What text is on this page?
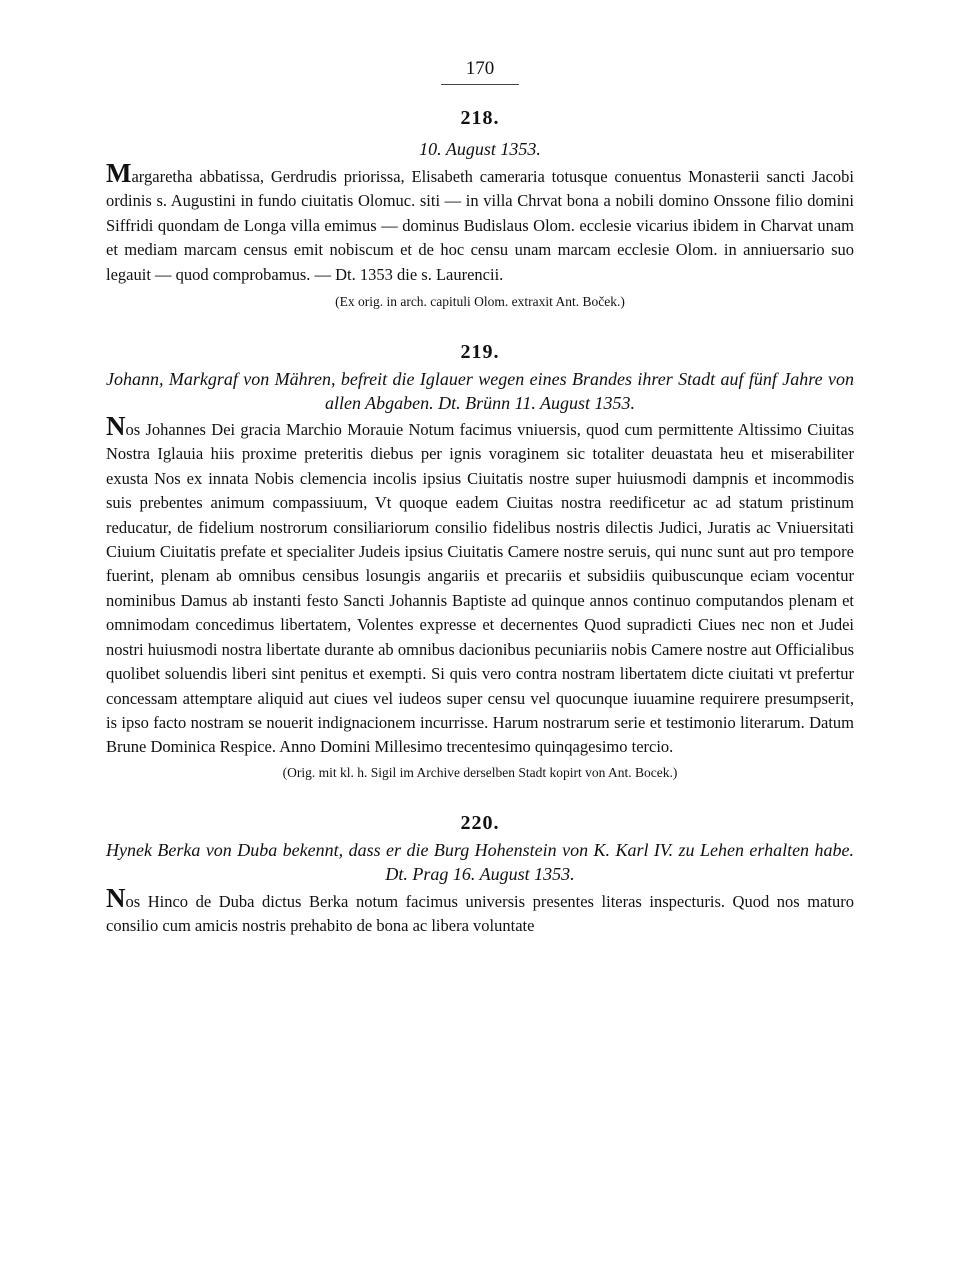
170
218.
10. August 1353.

Margaretha abbatissa, Gerdrudis priorissa, Elisabeth cameraria totusque conuentus Monasterii sancti Jacobi ordinis s. Augustini in fundo ciuitatis Olomuc. siti — in villa Chrvat bona a nobili domino Onssone filio domini Siffridi quondam de Longa villa emimus — dominus Budislaus Olom. ecclesie vicarius ibidem in Charvat unam et mediam marcam census emit nobiscum et de hoc censu unam marcam ecclesie Olom. in anniuersario suo legauit — quod comprobamus. — Dt. 1353 die s. Laurencii.

(Ex orig. in arch. capituli Olom. extraxit Ant. Boček.)
219.
Johann, Markgraf von Mähren, befreit die Iglauer wegen eines Brandes ihrer Stadt auf fünf Jahre von allen Abgaben. Dt. Brünn 11. August 1353.

Nos Johannes Dei gracia Marchio Morauie Notum facimus vniuersis, quod cum permittente Altissimo Ciuitas Nostra Iglauia hiis proxime preteritis diebus per ignis voraginem sic totaliter deuastata heu et miserabiliter exusta Nos ex innata Nobis clemencia incolis ipsius Ciuitatis nostre super huiusmodi dampnis et incommodis suis prebentes animum compassiuum, Vt quoque eadem Ciuitas nostra reedificetur ac ad statum pristinum reducatur, de fidelium nostrorum consiliariorum consilio fidelibus nostris dilectis Judici, Juratis ac Vniuersitati Ciuium Ciuitatis prefate et specialiter Judeis ipsius Ciuitatis Camere nostre seruis, qui nunc sunt aut pro tempore fuerint, plenam ab omnibus censibus losungis angariis et precariis et subsidiis quibuscunque eciam vocentur nominibus Damus ab instanti festo Sancti Johannis Baptiste ad quinque annos continuo computandos plenam et omnimodam concedimus libertatem, Volentes expresse et decernentes Quod supradicti Ciues nec non et Judei nostri huiusmodi nostra libertate durante ab omnibus dacionibus pecuniariis nobis Camere nostre aut Officialibus quolibet soluendis liberi sint penitus et exempti. Si quis vero contra nostram libertatem dicte ciuitati vt prefertur concessam attemptare aliquid aut ciues vel iudeos super censu vel quocunque iuuamine requirere presumpserit, is ipso facto nostram se nouerit indignacionem incurrisse. Harum nostrarum serie et testimonio literarum. Datum Brune Dominica Respice. Anno Domini Millesimo trecentesimo quinqagesimo tercio.

(Orig. mit kl. h. Sigil im Archive derselben Stadt kopirt von Ant. Bocek.)
220.
Hynek Berka von Duba bekennt, dass er die Burg Hohenstein von K. Karl IV. zu Lehen erhalten habe. Dt. Prag 16. August 1353.

Nos Hinco de Duba dictus Berka notum facimus universis presentes literas inspecturis. Quod nos maturo consilio cum amicis nostris prehabito de bona ac libera voluntate
